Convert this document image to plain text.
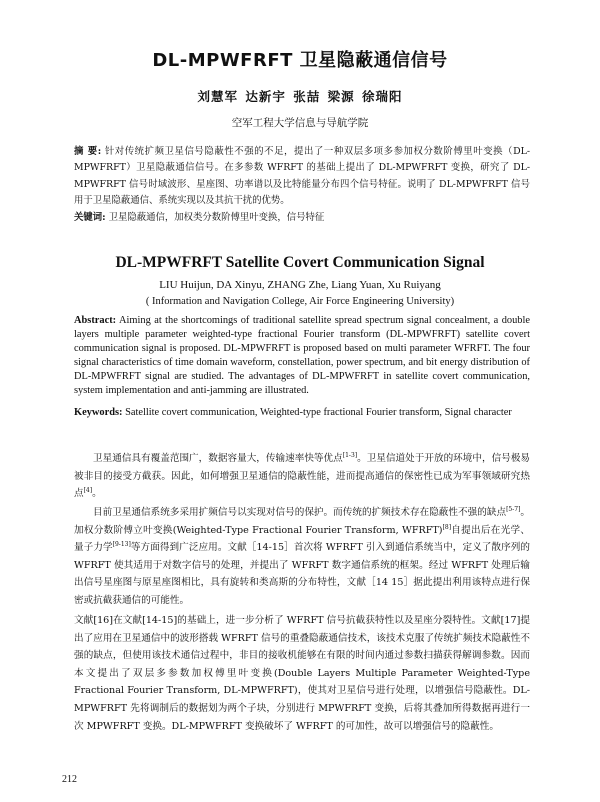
DL-MPWFRFT 卫星隐蔽通信信号
刘慧军 达新宇 张喆 梁源 徐瑞阳
空军工程大学信息与导航学院
摘 要: 针对传统扩频卫星信号隐蔽性不强的不足，提出了一种双层多项多参加权分数阶傅里叶变换（DL-MPWFRFT）卫星隐蔽通信信号。在多参数 WFRFT 的基础上提出了 DL-MPWFRFT 变换，研究了 DL-MPWFRFT 信号时域波形、星座图、功率谱以及比特能量分布四个信号特征。说明了 DL-MPWFRFT 信号用于卫星隐蔽通信、系统实现以及其抗干扰的优势。
关键词: 卫星隐蔽通信，加权类分数阶傅里叶变换，信号特征
DL-MPWFRFT Satellite Covert Communication Signal
LIU Huijun, DA Xinyu, ZHANG Zhe, Liang Yuan, Xu Ruiyang
( Information and Navigation College, Air Force Engineering University)
Abstract: Aiming at the shortcomings of traditional satellite spread spectrum signal concealment, a double layers multiple parameter weighted-type fractional Fourier transform (DL-MPWFRFT) satellite covert communication signal is proposed. DL-MPWFRFT is proposed based on multi parameter WFRFT. The four signal characteristics of time domain waveform, constellation, power spectrum, and bit energy distribution of DL-MPWFRFT signal are studied. The advantages of DL-MPWFRFT in satellite covert communication, system implementation and anti-jamming are illustrated.
Keywords: Satellite covert communication, Weighted-type fractional Fourier transform, Signal character
卫星通信具有覆盖范围广，数据容量大，传输速率快等优点[1-3]。卫星信道处于开放的环境中，信号极易被非目的接受方截获。因此，如何增强卫星通信的隐蔽性能，进而提高通信的保密性已成为军事领域研究热点[4]。
目前卫星通信系统多采用扩频信号以实现对信号的保护。而传统的扩频技术存在隐蔽性不强的缺点[5-7]。加权分数阶傅立叶变换(Weighted-Type Fractional Fourier Transform, WFRFT)[8]自提出后在光学、量子力学[9-13]等方面得到广泛应用。文献［14-15］首次将 WFRFT 引入到通信系统当中，定义了散序列的 WFRFT 使其适用于对数字信号的处理，并提出了 WFRFT 数字通信系统的框架。经过 WFRFT 处理后输出信号星座图与原星座图相比，具有旋转和类高斯的分布特性，文献［14 15］据此提出利用该特点进行保密或抗截获通信的可能性。
文献[16]在文献[14-15]的基础上，进一步分析了 WFRFT 信号抗截获特性以及星座分裂特性。文献[17]提出了应用在卫星通信中的波形搭载 WFRFT 信号的重叠隐蔽通信技术，该技术克服了传统扩频技术隐蔽性不强的缺点，但使用该技术通信过程中，非目的接收机能够在有限的时间内通过参数扫描获得解调参数。因而本文提出了双层多参数加权傅里叶变换(Double Layers Multiple Parameter Weighted-Type Fractional Fourier Transform, DL-MPWFRFT)，使其对卫星信号进行处理，以增强信号隐蔽性。DL-MPWFRFT 先将调制后的数据划为两个子块，分别进行 MPWFRFT 变换，后将其叠加所得数据再进行一次 MPWFRFT 变换。DL-MPWFRFT 变换破坏了 WFRFT 的可加性，故可以增强信号的隐蔽性。
212
